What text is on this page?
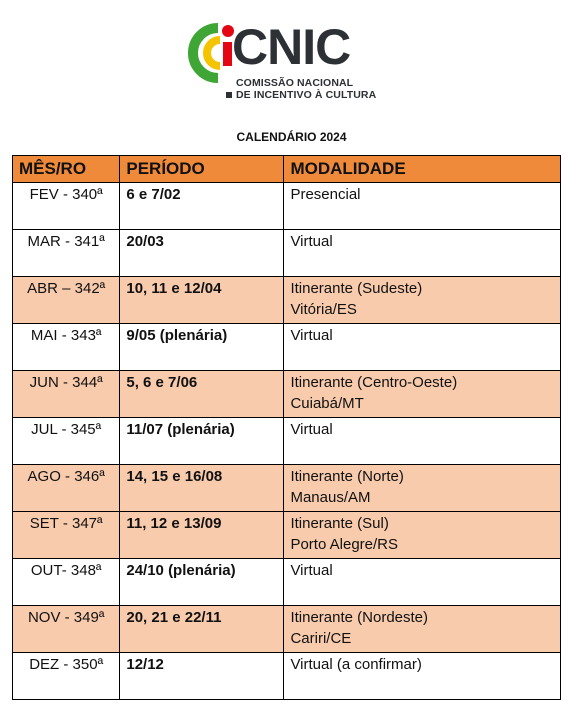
CNIC
COMISSÃO NACIONAL
DE INCENTIVO À CULTURA
CALENDÁRIO 2024
MÊS/RO	PERÍODO	MODALIDADE
FEV - 340ª	6 e 7/02	Presencial

MAR - 341ª	20/03	Virtual

ABR – 342ª	10, 11 e 12/04	Itinerante (Sudeste)
Vitória/ES

MAI - 343ª	9/05 (plenária)	Virtual

JUN - 344ª	5, 6 e 7/06	Itinerante (Centro-Oeste)
Cuiabá/MT

JUL - 345ª	11/07 (plenária)	Virtual

AGO - 346ª	14, 15 e 16/08	Itinerante (Norte)
Manaus/AM

SET - 347ª	11, 12 e 13/09	Itinerante (Sul)
Porto Alegre/RS

OUT- 348ª	24/10 (plenária)	Virtual

NOV - 349ª	20, 21 e 22/11	Itinerante (Nordeste)
Cariri/CE

DEZ - 350ª	12/12	Virtual (a confirmar)
